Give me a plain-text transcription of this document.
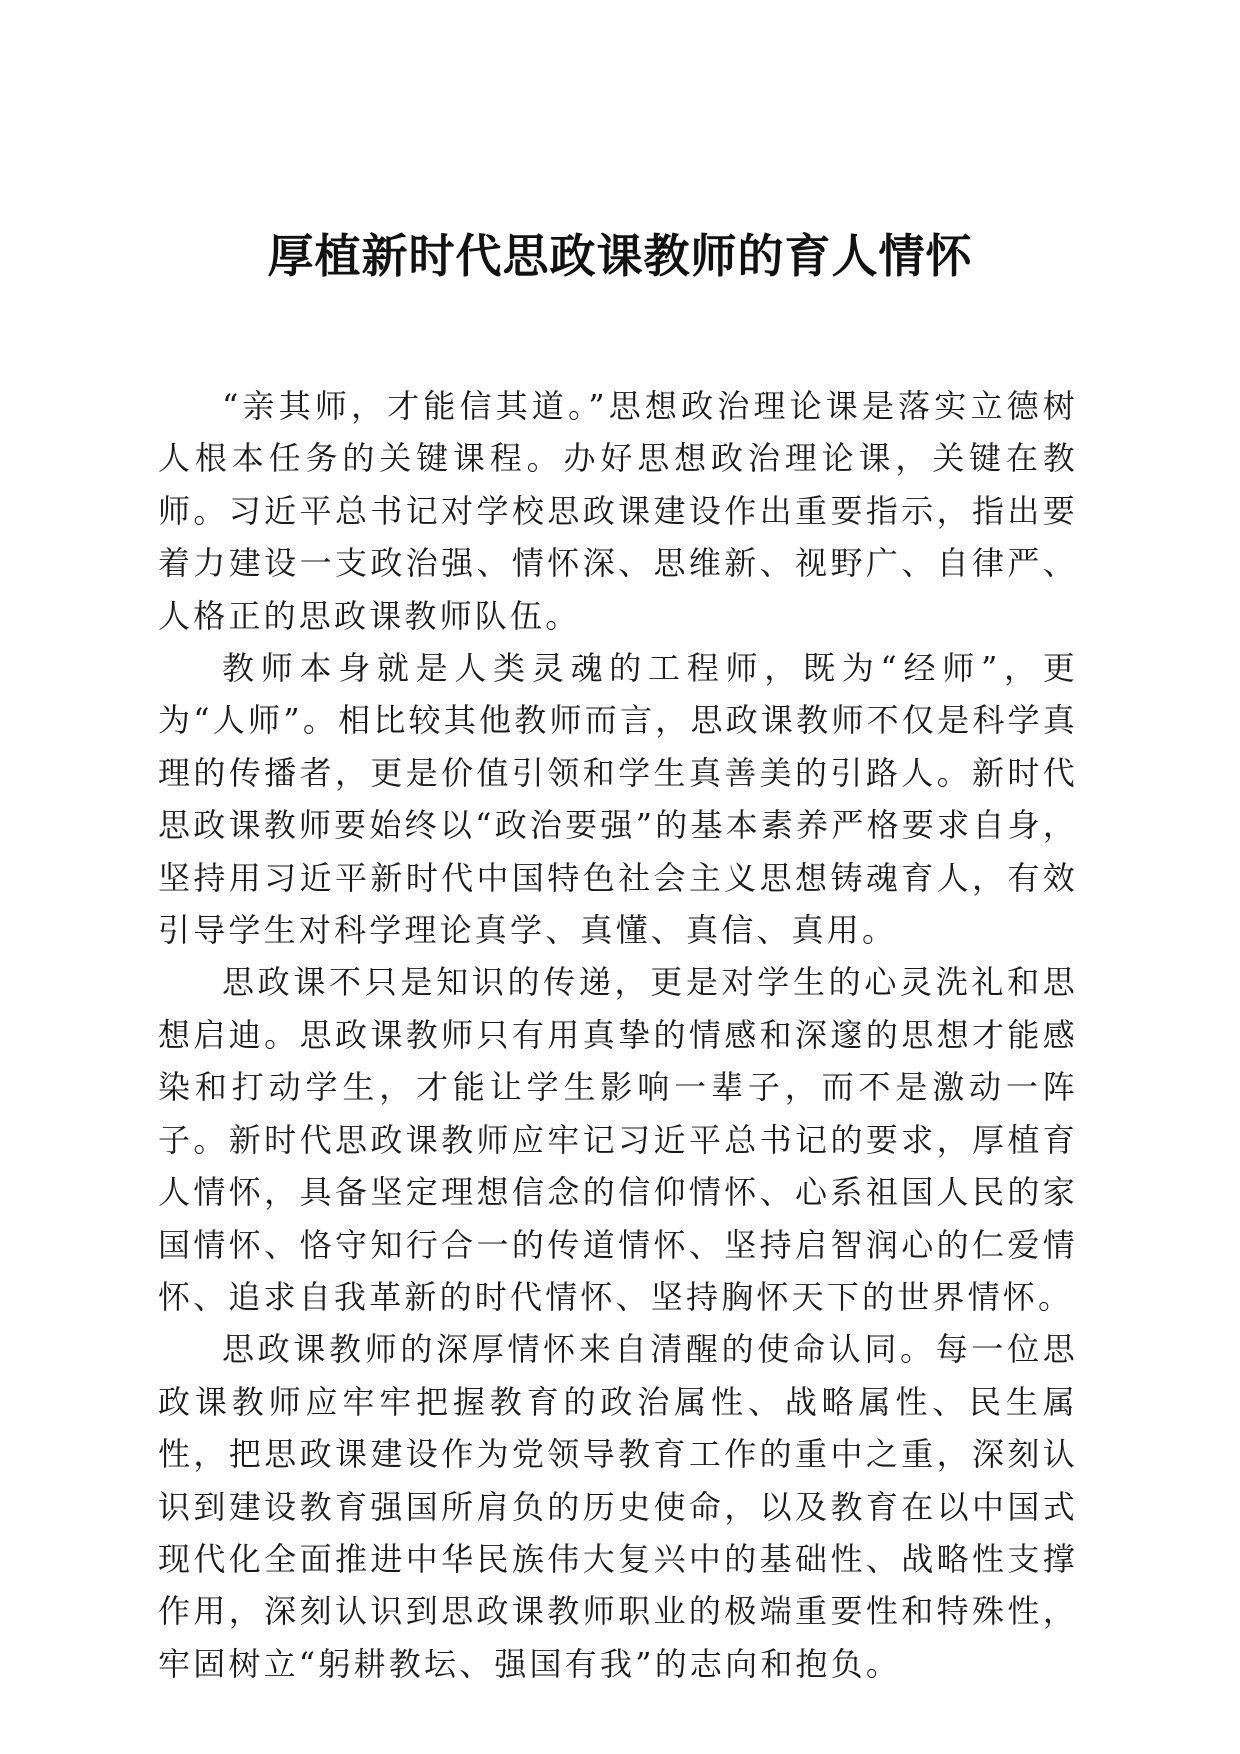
厚植新时代思政课教师的育人情怀

“亲其师，才能信其道。”思想政治理论课是落实立德树人根本任务的关键课程。办好思想政治理论课，关键在教师。习近平总书记对学校思政课建设作出重要指示，指出要着力建设一支政治强、情怀深、思维新、视野广、自律严、人格正的思政课教师队伍。

教师本身就是人类灵魂的工程师，既为“经师”，更为“人师”。相比较其他教师而言，思政课教师不仅是科学真理的传播者，更是价值引领和学生真善美的引路人。新时代思政课教师要始终以“政治要强”的基本素养严格要求自身，坚持用习近平新时代中国特色社会主义思想铸魂育人，有效引导学生对科学理论真学、真懂、真信、真用。

思政课不只是知识的传递，更是对学生的心灵洗礼和思想启迪。思政课教师只有用真挚的情感和深邃的思想才能感染和打动学生，才能让学生影响一辈子，而不是激动一阵子。新时代思政课教师应牢记习近平总书记的要求，厚植育人情怀，具备坚定理想信念的信仰情怀、心系祖国人民的家国情怀、恪守知行合一的传道情怀、坚持启智润心的仁爱情怀、追求自我革新的时代情怀、坚持胸怀天下的世界情怀。

思政课教师的深厚情怀来自清醒的使命认同。每一位思政课教师应牢牢把握教育的政治属性、战略属性、民生属性，把思政课建设作为党领导教育工作的重中之重，深刻认识到建设教育强国所肩负的历史使命，以及教育在以中国式现代化全面推进中华民族伟大复兴中的基础性、战略性支撑作用，深刻认识到思政课教师职业的极端重要性和特殊性，牢固树立“躬耕教坛、强国有我”的志向和抱负。
